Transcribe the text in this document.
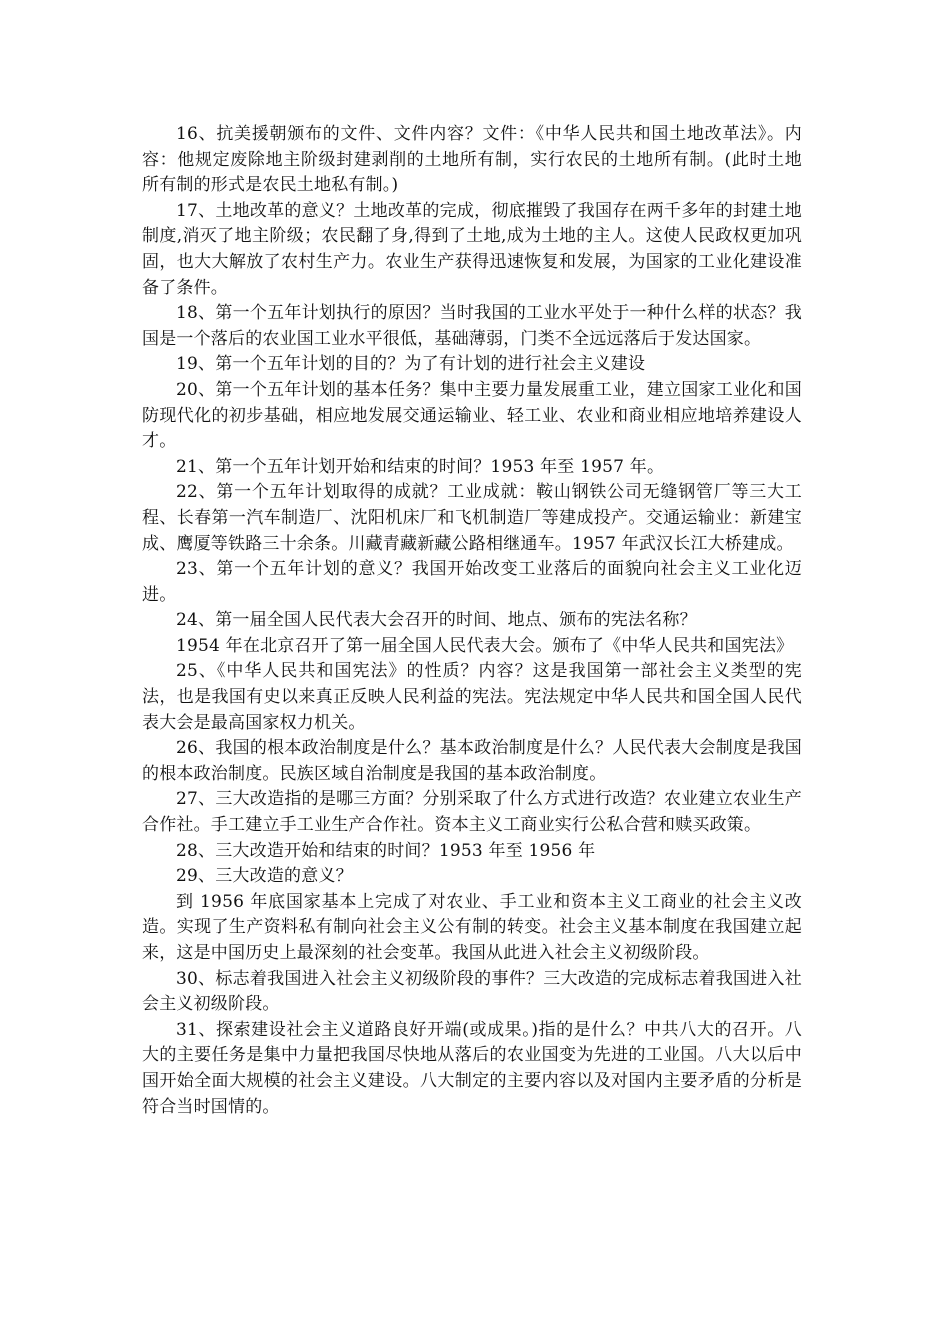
16、抗美援朝颁布的文件、文件内容？文件：《中华人民共和国土地改革法》。内容：他规定废除地主阶级封建剥削的土地所有制，实行农民的土地所有制。(此时土地所有制的形式是农民土地私有制。)

17、土地改革的意义？土地改革的完成，彻底摧毁了我国存在两千多年的封建土地制度,消灭了地主阶级；农民翻了身,得到了土地,成为土地的主人。这使人民政权更加巩固，也大大解放了农村生产力。农业生产获得迅速恢复和发展，为国家的工业化建设准备了条件。

18、第一个五年计划执行的原因？当时我国的工业水平处于一种什么样的状态？我国是一个落后的农业国工业水平很低，基础薄弱，门类不全远远落后于发达国家。

19、第一个五年计划的目的？为了有计划的进行社会主义建设

20、第一个五年计划的基本任务？集中主要力量发展重工业，建立国家工业化和国防现代化的初步基础，相应地发展交通运输业、轻工业、农业和商业相应地培养建设人才。

21、第一个五年计划开始和结束的时间？1953 年至 1957 年。

22、第一个五年计划取得的成就？工业成就：鞍山钢铁公司无缝钢管厂等三大工程、长春第一汽车制造厂、沈阳机床厂和飞机制造厂等建成投产。交通运输业：新建宝成、鹰厦等铁路三十余条。川藏青藏新藏公路相继通车。1957 年武汉长江大桥建成。

23、第一个五年计划的意义？我国开始改变工业落后的面貌向社会主义工业化迈进。

24、第一届全国人民代表大会召开的时间、地点、颁布的宪法名称？

1954 年在北京召开了第一届全国人民代表大会。颁布了《中华人民共和国宪法》

25、《中华人民共和国宪法》的性质？内容？这是我国第一部社会主义类型的宪法，也是我国有史以来真正反映人民利益的宪法。宪法规定中华人民共和国全国人民代表大会是最高国家权力机关。

26、我国的根本政治制度是什么？基本政治制度是什么？人民代表大会制度是我国的根本政治制度。民族区域自治制度是我国的基本政治制度。

27、三大改造指的是哪三方面？分别采取了什么方式进行改造？农业建立农业生产合作社。手工建立手工业生产合作社。资本主义工商业实行公私合营和赎买政策。

28、三大改造开始和结束的时间？1953 年至 1956 年

29、三大改造的意义？

到 1956 年底国家基本上完成了对农业、手工业和资本主义工商业的社会主义改造。实现了生产资料私有制向社会主义公有制的转变。社会主义基本制度在我国建立起来，这是中国历史上最深刻的社会变革。我国从此进入社会主义初级阶段。

30、标志着我国进入社会主义初级阶段的事件？三大改造的完成标志着我国进入社会主义初级阶段。

31、探索建设社会主义道路良好开端(或成果。)指的是什么？中共八大的召开。八大的主要任务是集中力量把我国尽快地从落后的农业国变为先进的工业国。八大以后中国开始全面大规模的社会主义建设。八大制定的主要内容以及对国内主要矛盾的分析是符合当时国情的。
